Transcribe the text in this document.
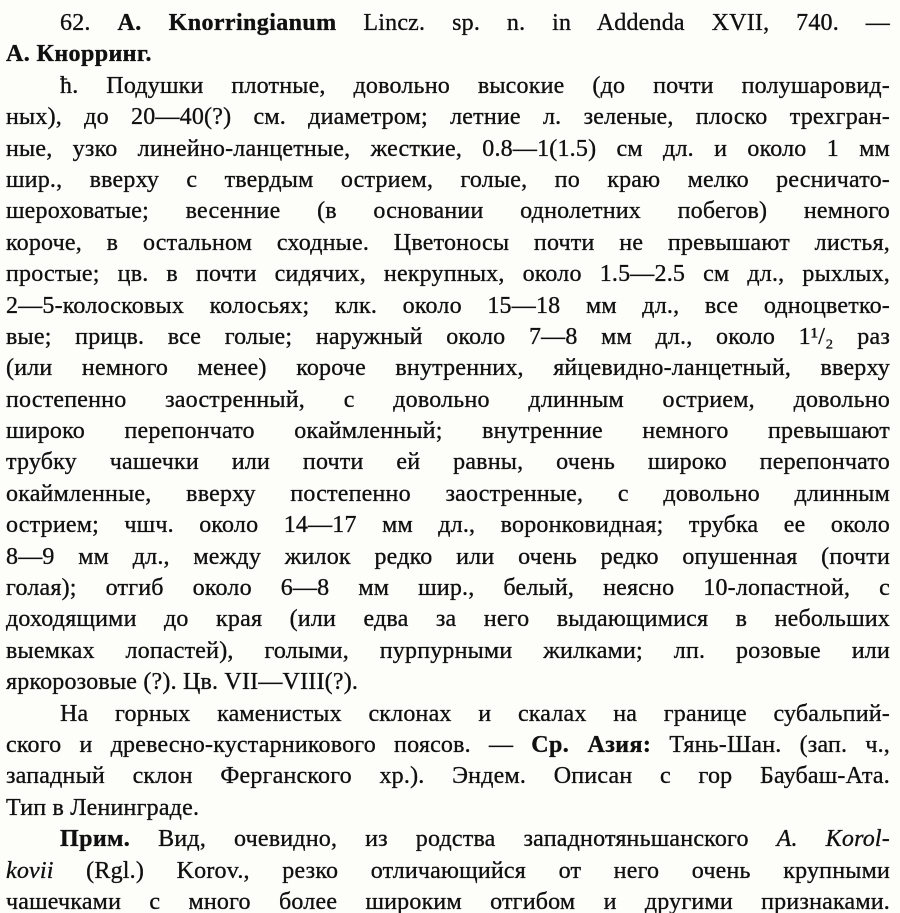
62. A. Knorringianum Lincz. sp. n. in Addenda XVII, 740. —
А. Кнорринг.
ħ. Подушки плотные, довольно высокие (до почти полушаровид-
ных), до 20—40(?) см. диаметром; летние л. зеленые, плоско трехгран-
ные, узко линейно-ланцетные, жесткие, 0.8—1(1.5) см дл. и около 1 мм
шир., вверху с твердым острием, голые, по краю мелко ресничато-
шероховатые; весенние (в основании однолетних побегов) немного
короче, в остальном сходные. Цветоносы почти не превышают листья,
простые; цв. в почти сидячих, некрупных, около 1.5—2.5 см дл., рыхлых,
2—5-колосковых колосьях; клк. около 15—18 мм дл., все одноцветко-
вые; прицв. все голые; наружный около 7—8 мм дл., около 1¹/₂ раз
(или немного менее) короче внутренних, яйцевидно-ланцетный, вверху
постепенно заостренный, с довольно длинным острием, довольно
широко перепончато окаймленный; внутренние немного превышают
трубку чашечки или почти ей равны, очень широко перепончато
окаймленные, вверху постепенно заостренные, с довольно длинным
острием; чшч. около 14—17 мм дл., воронковидная; трубка ее около
8—9 мм дл., между жилок редко или очень редко опушенная (почти
голая); отгиб около 6—8 мм шир., белый, неясно 10-лопастной, с
доходящими до края (или едва за него выдающимися в небольших
выемках лопастей), голыми, пурпурными жилками; лп. розовые или
яркорозовые (?). Цв. VII—VIII(?).
На горных каменистых склонах и скалах на границе субальпий-
ского и древесно-кустарникового поясов. — Ср. Азия: Тянь-Шан. (зап. ч.,
западный склон Ферганского хр.). Эндем. Описан с гор Баубаш-Ата.
Тип в Ленинграде.
Прим. Вид, очевидно, из родства западнотяньшанского A. Korol-
kovii (Rgl.) Korov., резко отличающийся от него очень крупными
чашечками с много более широким отгибом и другими признаками.
